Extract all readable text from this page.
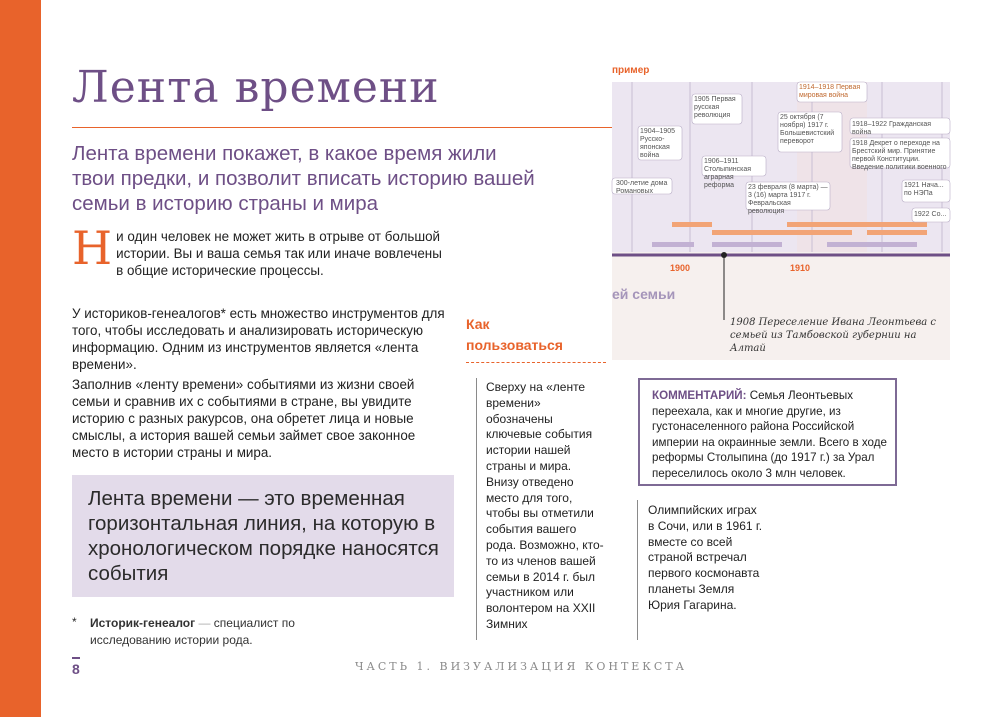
Лента времени
Лента времени покажет, в какое время жили твои предки, и позволит вписать историю вашей семьи в историю страны и мира
Ни один человек не может жить в отрыве от большой истории. Вы и ваша семья так или иначе вовлечены в общие исторические процессы.
У историков-генеалогов* есть множество инструментов для того, чтобы исследовать и анализировать историческую информацию. Одним из инструментов является «лента времени».
Заполнив «ленту времени» событиями из жизни своей семьи и сравнив их с событиями в стране, вы увидите историю с разных ракурсов, она обретет лица и новые смыслы, а история вашей семьи займет свое законное место в истории страны и мира.
Лента времени — это временная горизонтальная линия, на которую в хронологическом порядке наносятся события
* Историк-генеалог — специалист по исследованию истории рода.
8	ЧАСТЬ 1. ВИЗУАЛИЗАЦИЯ КОНТЕКСТА
пример
1904–1905 Русско-японская война
1905 Первая русская революция
1914–1918 Первая мировая война
25 октября (7 ноября) 1917 г. Большевистский переворот
1918–1922 Гражданская война
1918 Декрет о переходе на Брестский мир. Принятие первой Конституции. Введение политики военного
1906–1911 Столыпинская аграрная реформа	23 февраля (8 марта) — 3 (16) марта 1917 г. Февральская революция
1921 Нача... по НЭПа
1922 Со...
300-летие дома Романовых
1900	1910
ей семьи
1908 Переселение Ивана Леонтьева с семьей из Тамбовской губернии на Алтай
Как
пользоваться
Сверху на «ленте времени» обозначены ключевые события истории нашей страны и мира. Внизу отведено место для того, чтобы вы отметили события вашего рода. Возможно, кто-то из членов вашей семьи в 2014 г. был участником или волонтером на XXII Зимних
Олимпийских играх в Сочи, или в 1961 г. вместе со всей страной встречал первого космонавта планеты Земля Юрия Гагарина.
КОММЕНТАРИЙ: Семья Леонтьевых переехала, как и многие другие, из густонаселенного района Российской империи на окраинные земли. Всего в ходе реформы Столыпина (до 1917 г.) за Урал переселилось около 3 млн человек.
